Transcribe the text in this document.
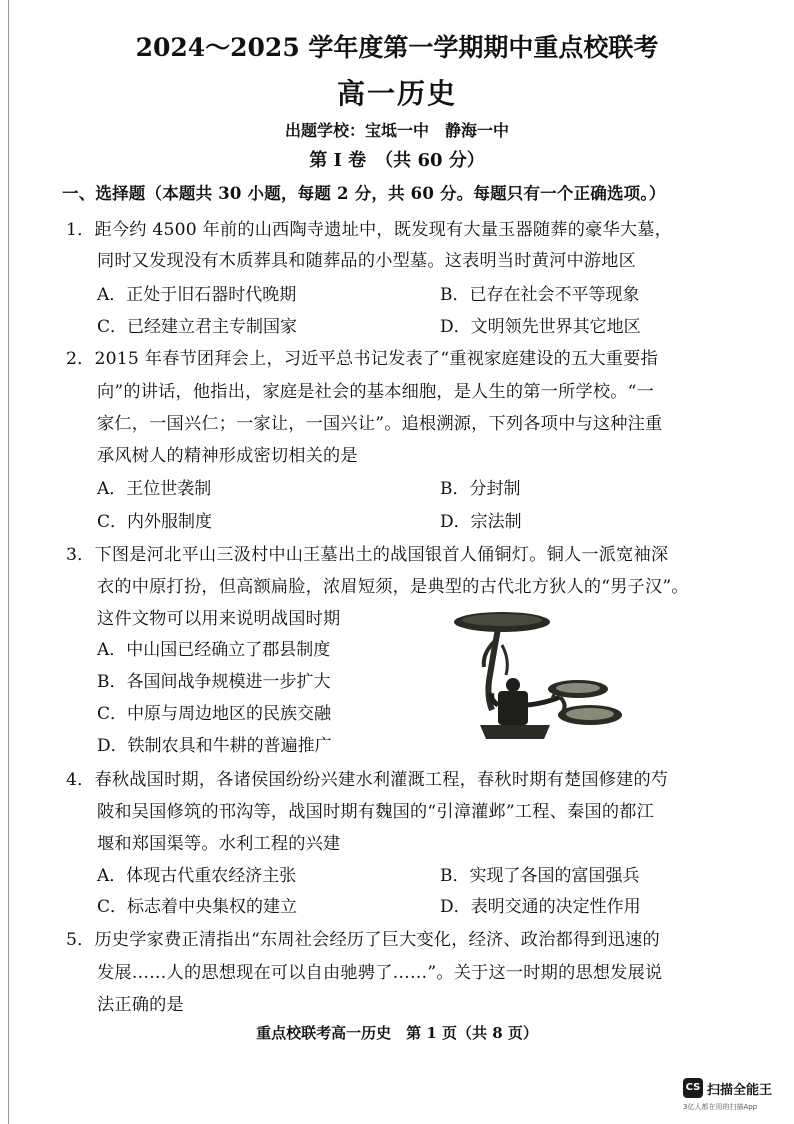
2024～2025 学年度第一学期期中重点校联考
高一历史
出题学校：宝坻一中　静海一中
第 Ⅰ 卷　（共 60 分）
一、选择题（本题共 30 小题，每题 2 分，共 60 分。每题只有一个正确选项。）
1．距今约 4500 年前的山西陶寺遗址中，既发现有大量玉器随葬的豪华大墓，
同时又发现没有木质葬具和随葬品的小型墓。这表明当时黄河中游地区
A．正处于旧石器时代晚期	B．已存在社会不平等现象
C．已经建立君主专制国家	D．文明领先世界其它地区
2．2015 年春节团拜会上，习近平总书记发表了“重视家庭建设的五大重要指
向”的讲话，他指出，家庭是社会的基本细胞，是人生的第一所学校。“一
家仁，一国兴仁；一家让，一国兴让”。追根溯源，下列各项中与这种注重
承风树人的精神形成密切相关的是
A．王位世袭制	B．分封制
C．内外服制度	D．宗法制
3．下图是河北平山三汲村中山王墓出土的战国银首人俑铜灯。铜人一派宽袖深
衣的中原打扮，但高额扁脸，浓眉短须，是典型的古代北方狄人的“男子汉”。
这件文物可以用来说明战国时期
A．中山国已经确立了郡县制度
B．各国间战争规模进一步扩大
C．中原与周边地区的民族交融
D．铁制农具和牛耕的普遍推广
4．春秋战国时期，各诸侯国纷纷兴建水利灌溉工程，春秋时期有楚国修建的芍
陂和吴国修筑的邗沟等，战国时期有魏国的“引漳灌邺”工程、秦国的都江
堰和郑国渠等。水利工程的兴建
A．体现古代重农经济主张	B．实现了各国的富国强兵
C．标志着中央集权的建立	D．表明交通的决定性作用
5．历史学家费正清指出“东周社会经历了巨大变化，经济、政治都得到迅速的
发展……人的思想现在可以自由驰骋了……”。关于这一时期的思想发展说
法正确的是
重点校联考高一历史　第 1 页（共 8 页）
CS 扫描全能王
3亿人都在用的扫描App
